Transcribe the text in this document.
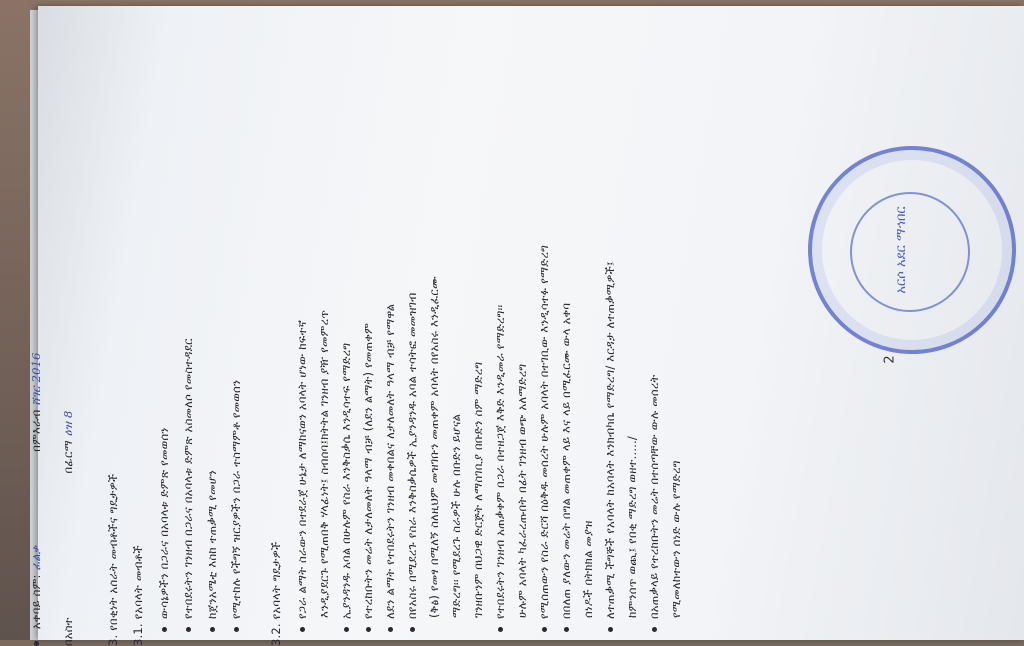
አቀባይ ስም: ፈልቃ በምእራብ ሸገር 2016
በአስተ በፊርማ ዕዝ 8
3. የበቂነት አሰራት መብቶችና ግዴታዎች 3.1. የአባላት መብቶች ውሳኔዎችን በጋራና በአባላቱ ድምጽ የመወሰን የተበደሩትን ገንዘብ በጋራና በአባላቱ ድምጽ አስመለሶ የመስተዳደር ከጀንአሜቲ እስከ ተጠቃሚ የመሆን የሚተከሉ የችግኝ ዝርያዎችን በጋራ ተስማምቶ የመወሰን 3.2. የአባላት ግዴታዎች የጋራ ልማት ስራውን በተደራጀ ሁኔታ ለማከናወን አባላት ሆነው ከፍተኛ እንዲያደርጉ የሚጠበቅ ሃላፊነት፤ ስብሰባ፤ክትትል ገንዘብ ያዥ የመምረጥ ኢያንዳንዱ አባል በሁሉም የስራ እንቅስቃሴ እንዲሳተፍ የማድረግ የተረከቡትን መሬት ለታለመለት ዓላማ ብቻ (ለደን ልማት) የመጠቀም ለደን ልማት የተበደሩትን ገንዘብ መቀበልና ለታለመለት ዓላማ ብቻ የማዋል በየአስሩ በሚደረጉ የስራ እንቅስቃሴዎች ኢያንዳንዱ አባል ተሳትፎ መመዝገብ (ቅፅ) የመፃ በሚለኝ ስለዚህም መዝገቡን መጠቀም አባላት በየአስሩ እንዲፈርሙ ማድረግ፡፡ የሚደረጉ ስራዎች ሁሉ በቡድን ይሆናል ገንዘቡንም በህጋዊ ድርጅት ለማስገቢያ በቡድን ስም ማድረግ የተበደሩትን ገንዘብ አጠቃቀም በጋራ በተዘጋጀ እቅድ እንዲመራ የማድረግ፡፡ ሁሉም አባላት ካፈራረጡበት በፊት ገንዘብ ወጭ አለማድረግ የሚሰጠውን የስራ ድርሻ በዕቅዱ መሰረት ሁሉም አባላት በተገቢው እንዲሳተፉ የማድረግ በበለጠ ያለውን መሬት በግል መጠቀም ላይ እና ላይ በሚፈርሙ ውላ አቀባ ሰነዶች በትክክል መያዝ ለተጠቃሚ ችግኞች የአባላት ከአባላት እንክብካቤ የማድረግ/ እርዳታ ለተጠቃሚዎች፤ ከምንሰጥ ወጪ፤ የበቂ ማድረግ ወዘተ...../ በአጠቃላይ የተረከቡትን መሬት በተሰጣቸው ውሉ መሰረት የሚመለከተውን ሰነድ ውሉ የማድረግ
አርሶ አደር ማኅበር
2
